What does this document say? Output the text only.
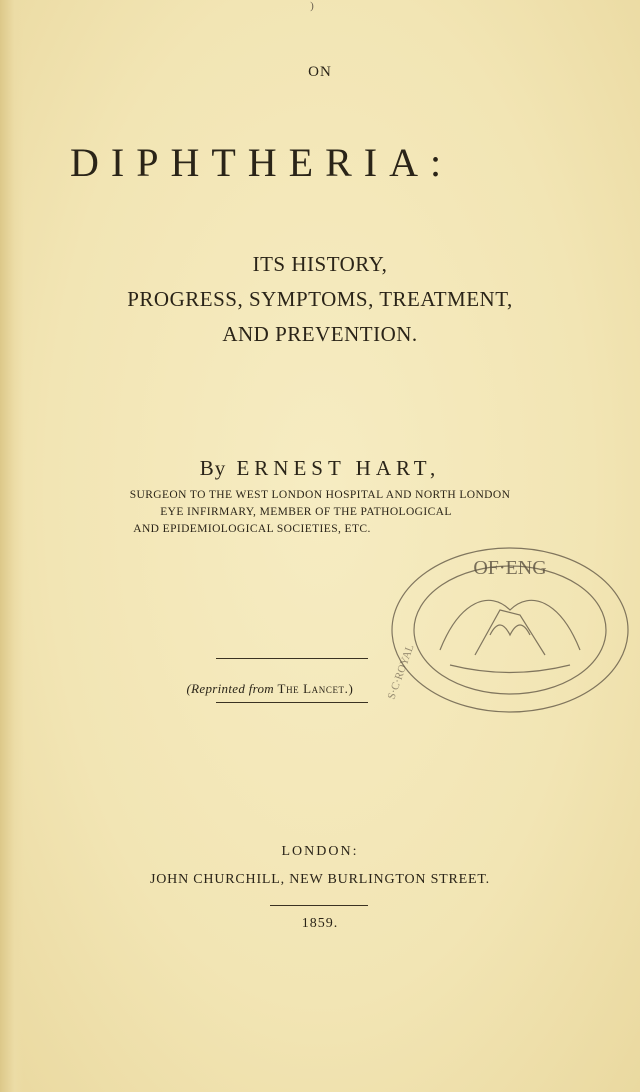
)
ON
DIPHTHERIA:
ITS HISTORY,
PROGRESS, SYMPTOMS, TREATMENT,
AND PREVENTION.
By ERNEST HART,
SURGEON TO THE WEST LONDON HOSPITAL AND NORTH LONDON
EYE INFIRMARY, MEMBER OF THE PATHOLOGICAL
AND EPIDEMIOLOGICAL SOCIETIES, ETC.
(Reprinted from The Lancet.)
OF·ENG
S·C·ROYAL
LONDON:
JOHN CHURCHILL, NEW BURLINGTON STREET.
1859.
